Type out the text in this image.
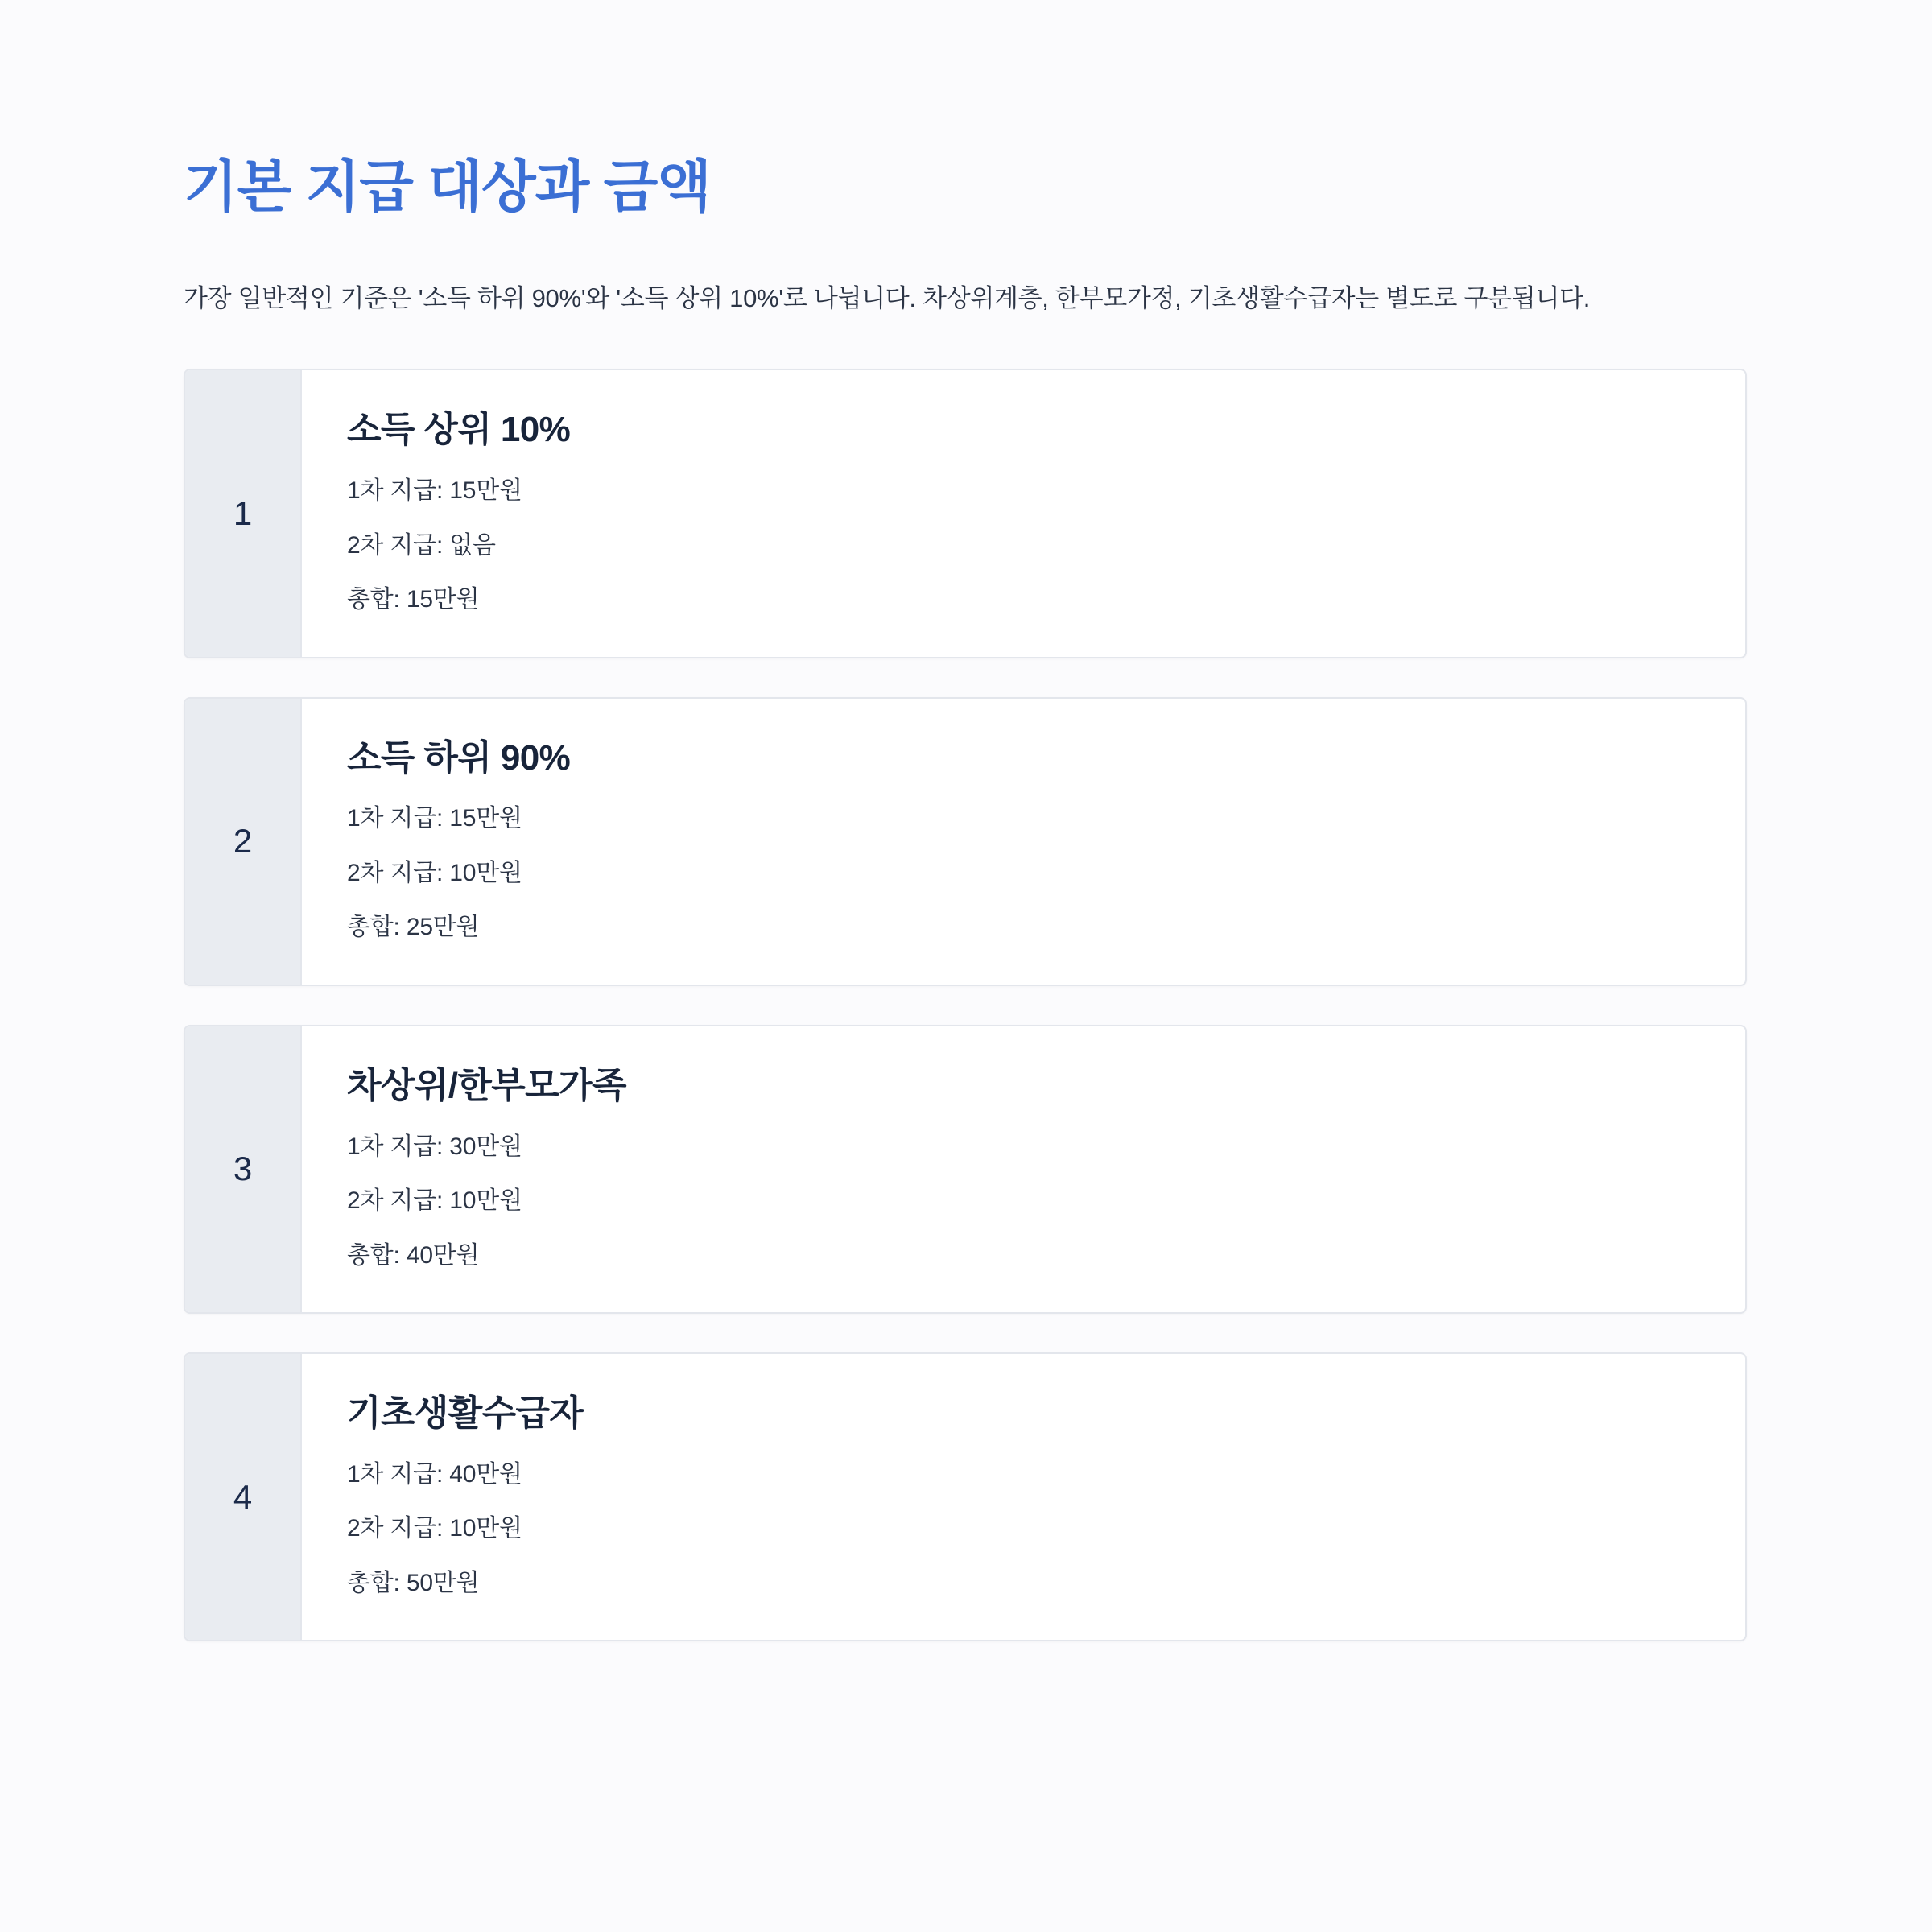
기본 지급 대상과 금액

가장 일반적인 기준은 '소득 하위 90%'와 '소득 상위 10%'로 나뉩니다. 차상위계층, 한부모가정, 기초생활수급자는 별도로 구분됩니다.

1
소득 상위 10%
1차 지급: 15만원
2차 지급: 없음
총합: 15만원
2
소득 하위 90%
1차 지급: 15만원
2차 지급: 10만원
총합: 25만원
3
차상위/한부모가족
1차 지급: 30만원
2차 지급: 10만원
총합: 40만원
4
기초생활수급자
1차 지급: 40만원
2차 지급: 10만원
총합: 50만원
